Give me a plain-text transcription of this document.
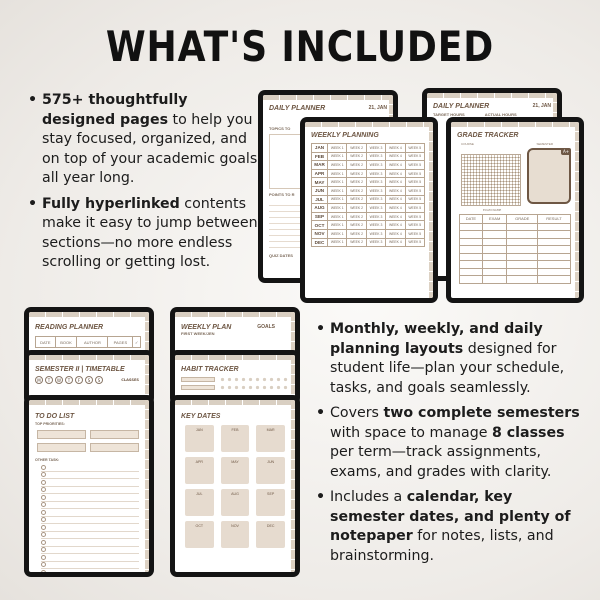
WHAT'S INCLUDED
• 575+ thoughtfully designed pages to help you stay focused, organized, and on top of your academic goals all year long.
• Fully hyperlinked contents make it easy to jump between sections—no more endless scrolling or getting lost.
• Monthly, weekly, and daily planning layouts designed for student life—plan your schedule, tasks, and goals seamlessly.
• Covers two complete semesters with space to manage 8 classes per term—track assignments, exams, and grades with clarity.
• Includes a calendar, key semester dates, and plenty of notepaper for notes, lists, and brainstorming.
DAILY PLANNER	21, JAN
TOPICS TO
POINTS TO R
QUIZ DATES
DAILY PLANNER	21, JAN
TARGET HOURS	ACTUAL HOURS
WEEKLY PLANNING
JAN	WEEK 1	WEEK 2	WEEK 3	WEEK 4	WEEK 5
FEB	WEEK 1	WEEK 2	WEEK 3	WEEK 4	WEEK 5
MAR	WEEK 1	WEEK 2	WEEK 3	WEEK 4	WEEK 5
APR	WEEK 1	WEEK 2	WEEK 3	WEEK 4	WEEK 5
MAY	WEEK 1	WEEK 2	WEEK 3	WEEK 4	WEEK 5
JUN	WEEK 1	WEEK 2	WEEK 3	WEEK 4	WEEK 5
JUL	WEEK 1	WEEK 2	WEEK 3	WEEK 4	WEEK 5
AUG	WEEK 1	WEEK 2	WEEK 3	WEEK 4	WEEK 5
SEP	WEEK 1	WEEK 2	WEEK 3	WEEK 4	WEEK 5
OCT	WEEK 1	WEEK 2	WEEK 3	WEEK 4	WEEK 5
NOV	WEEK 1	WEEK 2	WEEK 3	WEEK 4	WEEK 5
DEC	WEEK 1	WEEK 2	WEEK 3	WEEK 4	WEEK 5
GRADE TRACKER
COURSE	SEMESTER
A+
EXAM NAME
DATE	EXAM	GRADE	RESULT

READING PLANNER
DATE	BOOK	AUTHOR	PAGES	✓
WEEKLY PLAN	GOALS
FIRST WEEK/JEN
SEMESTER II | TIMETABLE
M	T	W	T	F	S	S	CLASSES
HABIT TRACKER
TO DO LIST
TOP PRIORITIES:
OTHER TASK:
KEY DATES
JAN	FEB	MAR
APR	MAY	JUN
JUL	AUG	SEP
OCT	NOV	DEC
